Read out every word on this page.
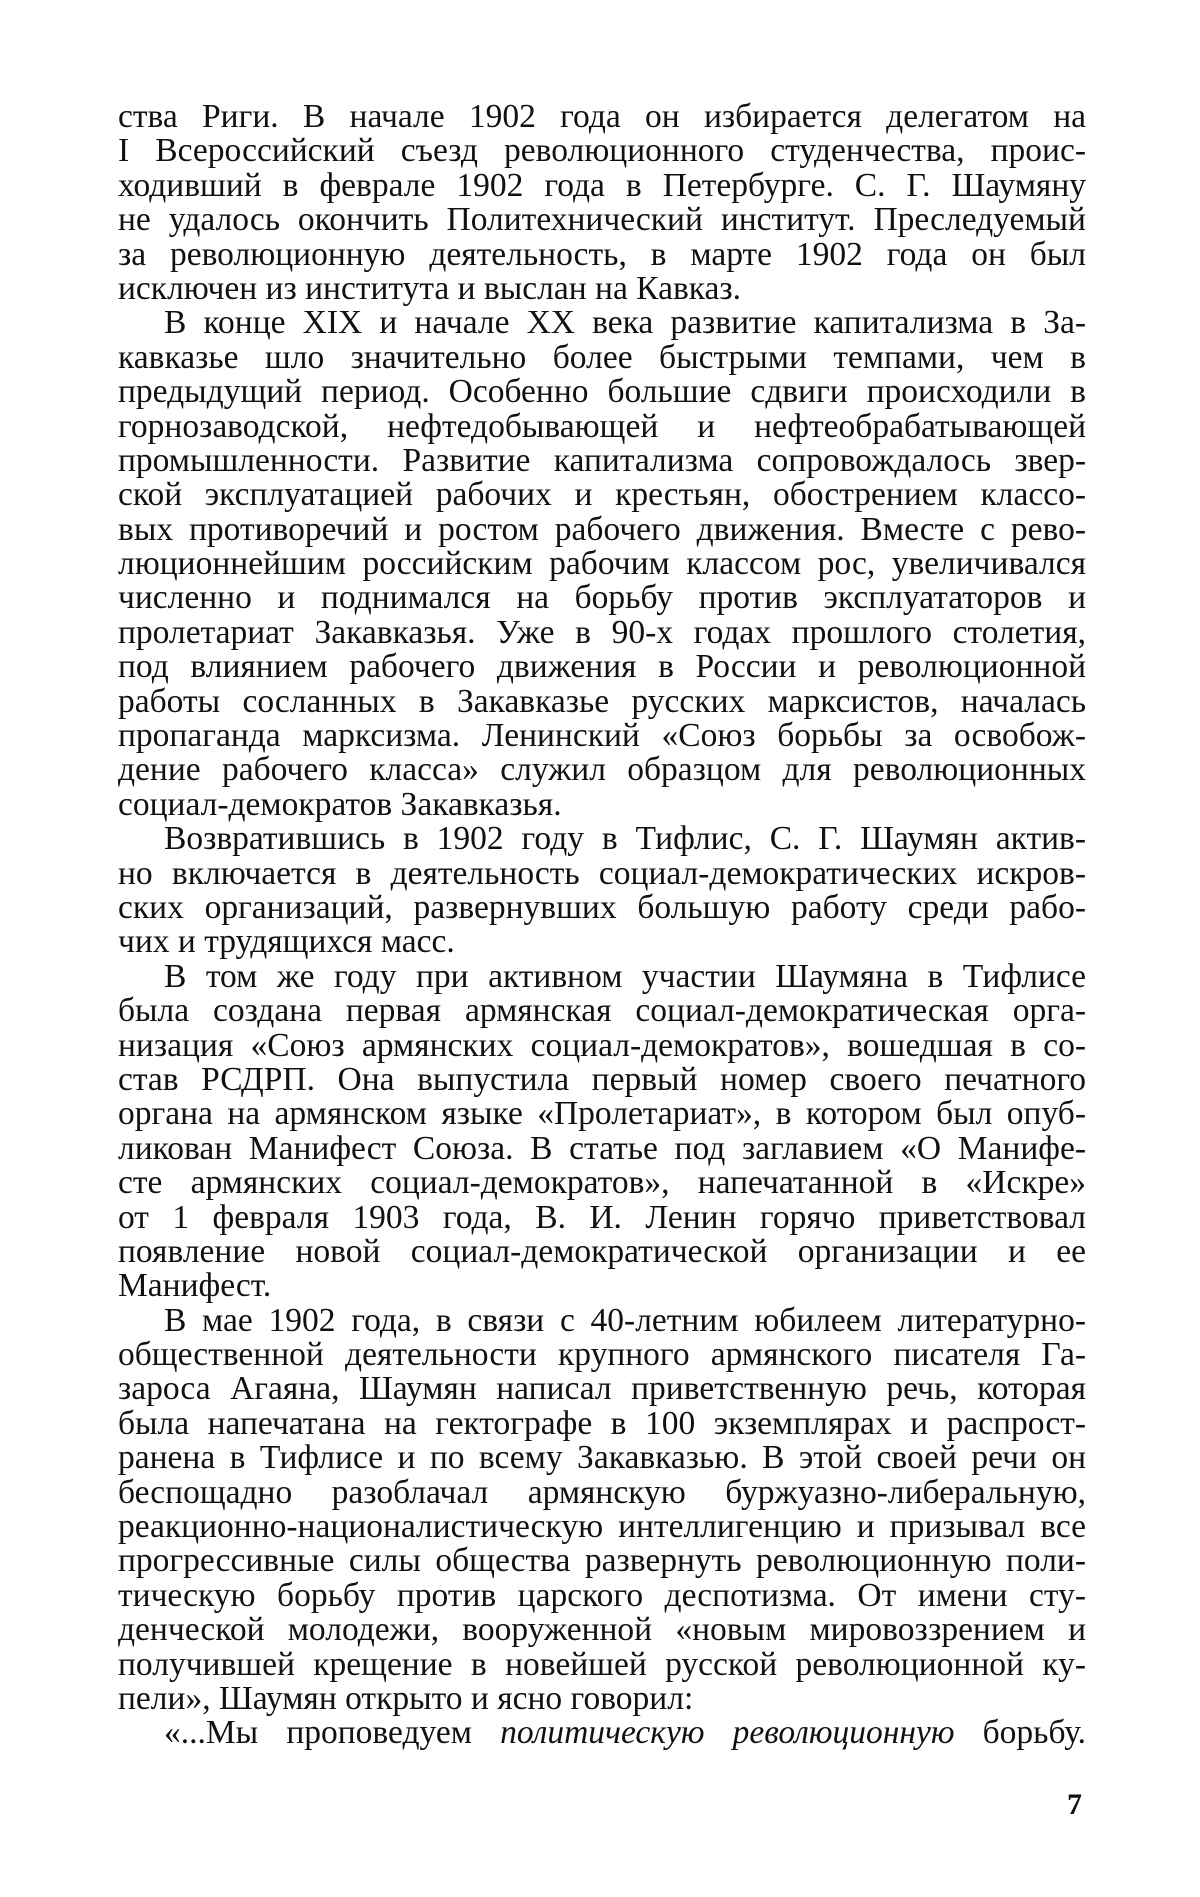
ства Риги. В начале 1902 года он избирается делегатом на
I Всероссийский съезд революционного студенчества, проис-
ходивший в феврале 1902 года в Петербурге. С. Г. Шаумяну
не удалось окончить Политехнический институт. Преследуемый
за революционную деятельность, в марте 1902 года он был
исключен из института и выслан на Кавказ.
В конце XIX и начале XX века развитие капитализма в За-
кавказье шло значительно более быстрыми темпами, чем в
предыдущий период. Особенно большие сдвиги происходили в
горнозаводской, нефтедобывающей и нефтеобрабатывающей
промышленности. Развитие капитализма сопровождалось звер-
ской эксплуатацией рабочих и крестьян, обострением классо-
вых противоречий и ростом рабочего движения. Вместе с рево-
люционнейшим российским рабочим классом рос, увеличивался
численно и поднимался на борьбу против эксплуататоров и
пролетариат Закавказья. Уже в 90-х годах прошлого столетия,
под влиянием рабочего движения в России и революционной
работы сосланных в Закавказье русских марксистов, началась
пропаганда марксизма. Ленинский «Союз борьбы за освобож-
дение рабочего класса» служил образцом для революционных
социал-демократов Закавказья.
Возвратившись в 1902 году в Тифлис, С. Г. Шаумян актив-
но включается в деятельность социал-демократических искров-
ских организаций, развернувших большую работу среди рабо-
чих и трудящихся масс.
В том же году при активном участии Шаумяна в Тифлисе
была создана первая армянская социал-демократическая орга-
низация «Союз армянских социал-демократов», вошедшая в со-
став РСДРП. Она выпустила первый номер своего печатного
органа на армянском языке «Пролетариат», в котором был опуб-
ликован Манифест Союза. В статье под заглавием «О Манифе-
сте армянских социал-демократов», напечатанной в «Искре»
от 1 февраля 1903 года, В. И. Ленин горячо приветствовал
появление новой социал-демократической организации и ее
Манифест.
В мае 1902 года, в связи с 40-летним юбилеем литературно-
общественной деятельности крупного армянского писателя Га-
зароса Агаяна, Шаумян написал приветственную речь, которая
была напечатана на гектографе в 100 экземплярах и распрост-
ранена в Тифлисе и по всему Закавказью. В этой своей речи он
беспощадно разоблачал армянскую буржуазно-либеральную,
реакционно-националистическую интеллигенцию и призывал все
прогрессивные силы общества развернуть революционную поли-
тическую борьбу против царского деспотизма. От имени сту-
денческой молодежи, вооруженной «новым мировоззрением и
получившей крещение в новейшей русской революционной ку-
пели», Шаумян открыто и ясно говорил:
«...Мы проповедуем политическую революционную борьбу.
7
